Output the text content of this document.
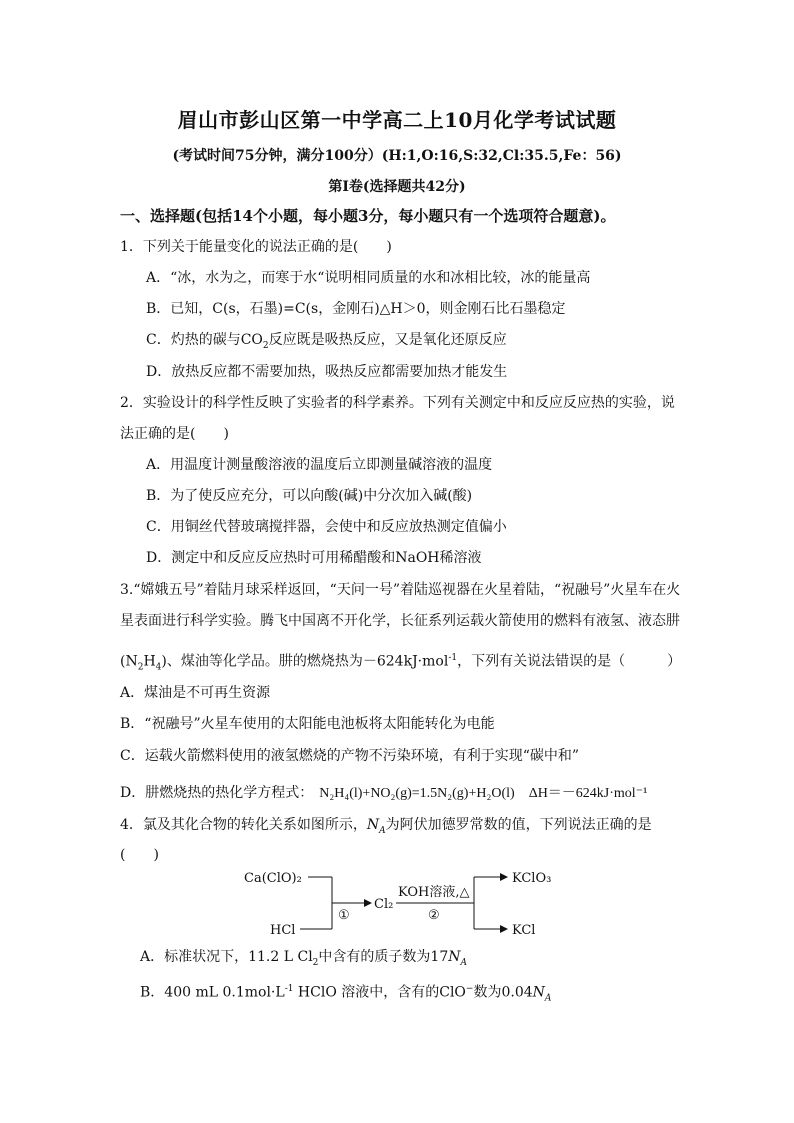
眉山市彭山区第一中学高二上10月化学考试试题
(考试时间75分钟，满分100分）(H:1,O:16,S:32,Cl:35.5,Fe：56)
第Ⅰ卷(选择题共42分)
一、选择题(包括14个小题，每小题3分，每小题只有一个选项符合题意)。
1．下列关于能量变化的说法正确的是(　　)
A．“冰，水为之，而寒于水“说明相同质量的水和冰相比较，冰的能量高
B．已知，C(s，石墨)=C(s，金刚石)△H＞0，则金刚石比石墨稳定
C．灼热的碳与$CO_2$反应既是吸热反应，又是氧化还原反应
D．放热反应都不需要加热，吸热反应都需要加热才能发生
2．实验设计的科学性反映了实验者的科学素养。下列有关测定中和反应反应热的实验，说
法正确的是(　　)
A．用温度计测量酸溶液的温度后立即测量碱溶液的温度
B．为了使反应充分，可以向酸(碱)中分次加入碱(酸)
C．用铜丝代替玻璃搅拌器，会使中和反应放热测定值偏小
D．测定中和反应反应热时可用稀醋酸和NaOH稀溶液
3.“嫦娥五号”着陆月球采样返回，“天问一号”着陆巡视器在火星着陆，“祝融号”火星车在火
星表面进行科学实验。腾飞中国离不开化学，长征系列运载火箭使用的燃料有液氢、液态肼
$(N_2H_4)$、煤油等化学品。肼的燃烧热为－624kJ·mol$^{-1}$，下列有关说法错误的是（　　　）
A．煤油是不可再生资源
B．“祝融号”火星车使用的太阳能电池板将太阳能转化为电能
C．运载火箭燃料使用的液氢燃烧的产物不污染环境，有利于实现“碳中和”
D．肼燃烧热的热化学方程式： N₂H₄(l)+NO₂(g)=1.5N₂(g)+H₂O(l) ΔH＝－624kJ·mol⁻¹
4．氯及其化合物的转化关系如图所示，$N_A$为阿伏加德罗常数的值，下列说法正确的是
(　　)
Ca(ClO)₂
HCl
①
Cl₂
KOH溶液,△
②
KClO₃
KCl
A．标准状况下，11.2 L $Cl_2$中含有的质子数为$17N_A$
B．400 mL $0.1mol\cdot L^{-1}$ HClO 溶液中，含有的ClO−数为$0.04N_A$
